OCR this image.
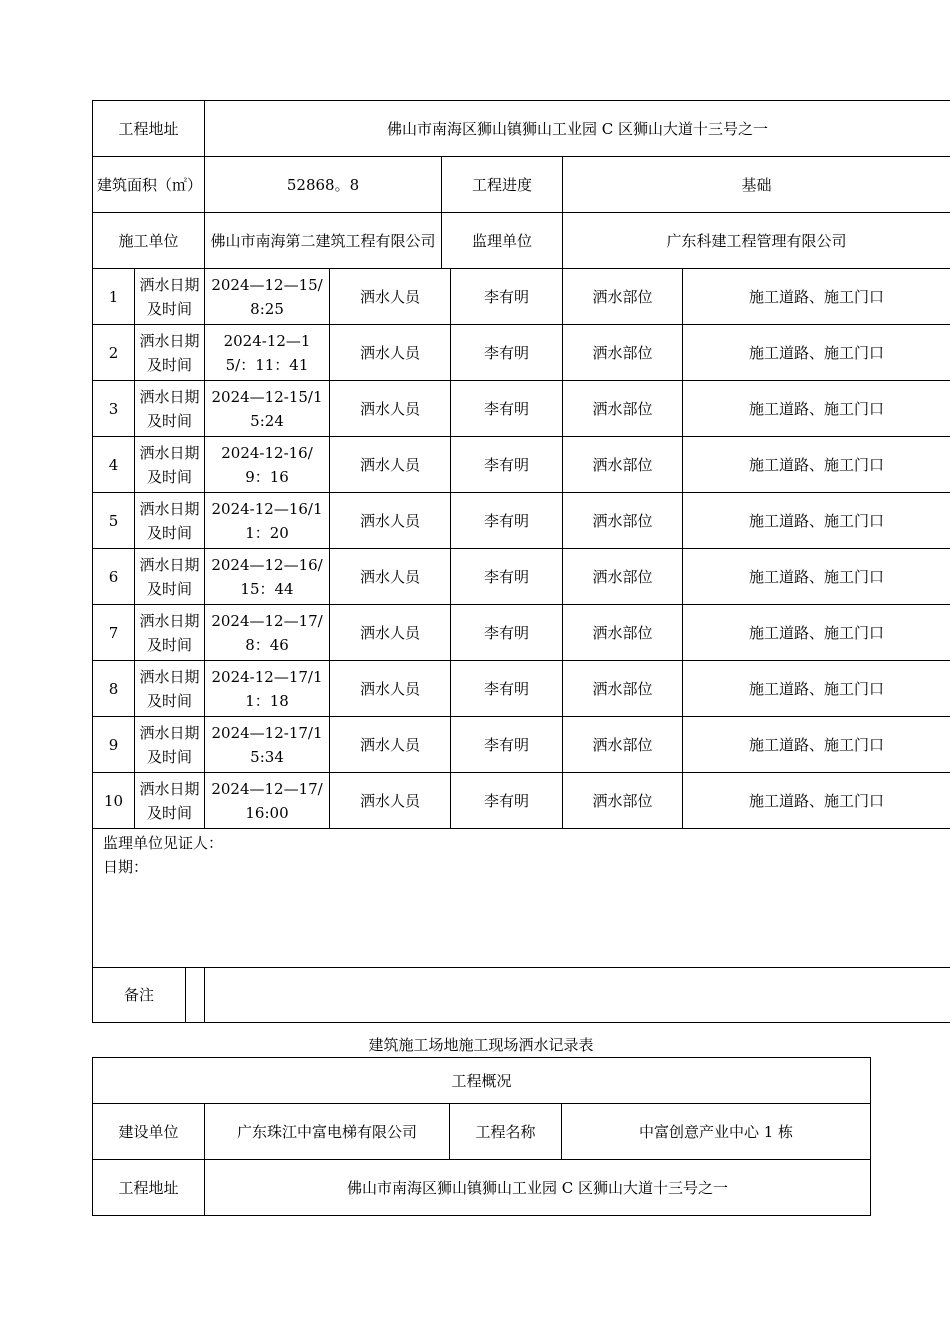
工程地址		佛山市南海区狮山镇狮山工业园 C 区狮山大道十三号之一					
建筑面积（㎡）		52868。8		工程进度		基础	
施工单位		佛山市南海第二建筑工程有限公司		监理单位		广东科建工程管理有限公司	
1	洒水日期及时间	2024—12—15/8:25	洒水人员		李有明	洒水部位	施工道路、施工门口
2	洒水日期及时间	2024-12—15/：11：41	洒水人员		李有明	洒水部位	施工道路、施工门口
3	洒水日期及时间	2024—12-15/15:24	洒水人员		李有明	洒水部位	施工道路、施工门口
4	洒水日期及时间	2024-12-16/9：16	洒水人员		李有明	洒水部位	施工道路、施工门口
5	洒水日期及时间	2024-12—16/11：20	洒水人员		李有明	洒水部位	施工道路、施工门口
6	洒水日期及时间	2024—12—16/15：44	洒水人员		李有明	洒水部位	施工道路、施工门口
7	洒水日期及时间	2024—12—17/8：46	洒水人员		李有明	洒水部位	施工道路、施工门口
8	洒水日期及时间	2024-12—17/11：18	洒水人员		李有明	洒水部位	施工道路、施工门口
9	洒水日期及时间	2024—12-17/15:34	洒水人员		李有明	洒水部位	施工道路、施工门口
10	洒水日期及时间	2024—12—17/16:00	洒水人员		李有明	洒水部位	施工道路、施工门口

监理单位见证人：
日期：							

备注							

建筑施工场地施工现场洒水记录表
工程概况			
建设单位	广东珠江中富电梯有限公司	工程名称	中富创意产业中心 1 栋
工程地址	佛山市南海区狮山镇狮山工业园 C 区狮山大道十三号之一		
